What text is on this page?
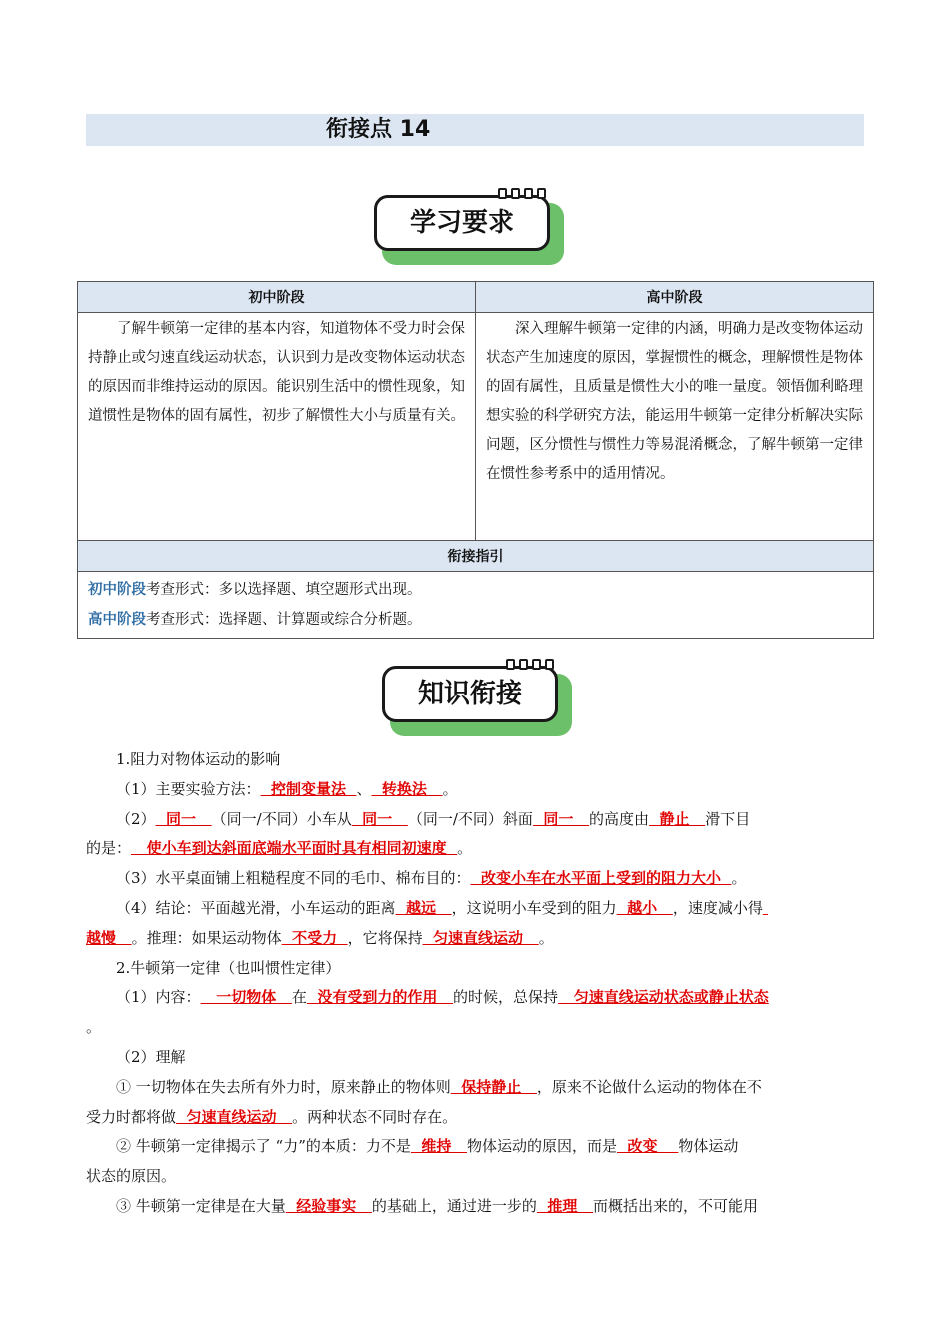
衔接点 14
学习要求
初中阶段	高中阶段
了解牛顿第一定律的基本内容，知道物体不受力时会保持静止或匀速直线运动状态，认识到力是改变物体运动状态的原因而非维持运动的原因。能识别生活中的惯性现象，知道惯性是物体的固有属性，初步了解惯性大小与质量有关。	深入理解牛顿第一定律的内涵，明确力是改变物体运动状态产生加速度的原因，掌握惯性的概念，理解惯性是物体的固有属性，且质量是惯性大小的唯一量度。领悟伽利略理想实验的科学研究方法，能运用牛顿第一定律分析解决实际问题，区分惯性与惯性力等易混淆概念，了解牛顿第一定律在惯性参考系中的适用情况。
衔接指引	

初中阶段考查形式：多以选择题、填空题形式出现。
高中阶段考查形式：选择题、计算题或综合分析题。	
知识衔接

1.阻力对物体运动的影响

（1）主要实验方法：  控制变量法  、  转换法   。

（2）  同一   （同一/不同）小车从  同一   （同一/不同）斜面  同一   的高度由  静止   滑下目

的是：   使小车到达斜面底端水平面时具有相同初速度  。

（3）水平桌面铺上粗糙程度不同的毛巾、棉布目的：  改变小车在水平面上受到的阻力大小  。

（4）结论：平面越光滑，小车运动的距离  越远   ，这说明小车受到的阻力  越小   ，速度减小得

越慢   。推理：如果运动物体  不受力  ，它将保持  匀速直线运动   。

2.牛顿第一定律（也叫惯性定律）

（1）内容：   一切物体   在  没有受到力的作用   的时候，总保持   匀速直线运动状态或静止状态

。

（2）理解

① 一切物体在失去所有外力时，原来静止的物体则  保持静止   ，原来不论做什么运动的物体在不

受力时都将做  匀速直线运动   。两种状态不同时存在。

② 牛顿第一定律揭示了 “力”的本质：力不是  维持   物体运动的原因，而是  改变    物体运动

状态的原因。

③ 牛顿第一定律是在大量  经验事实   的基础上，通过进一步的  推理   而概括出来的，不可能用
